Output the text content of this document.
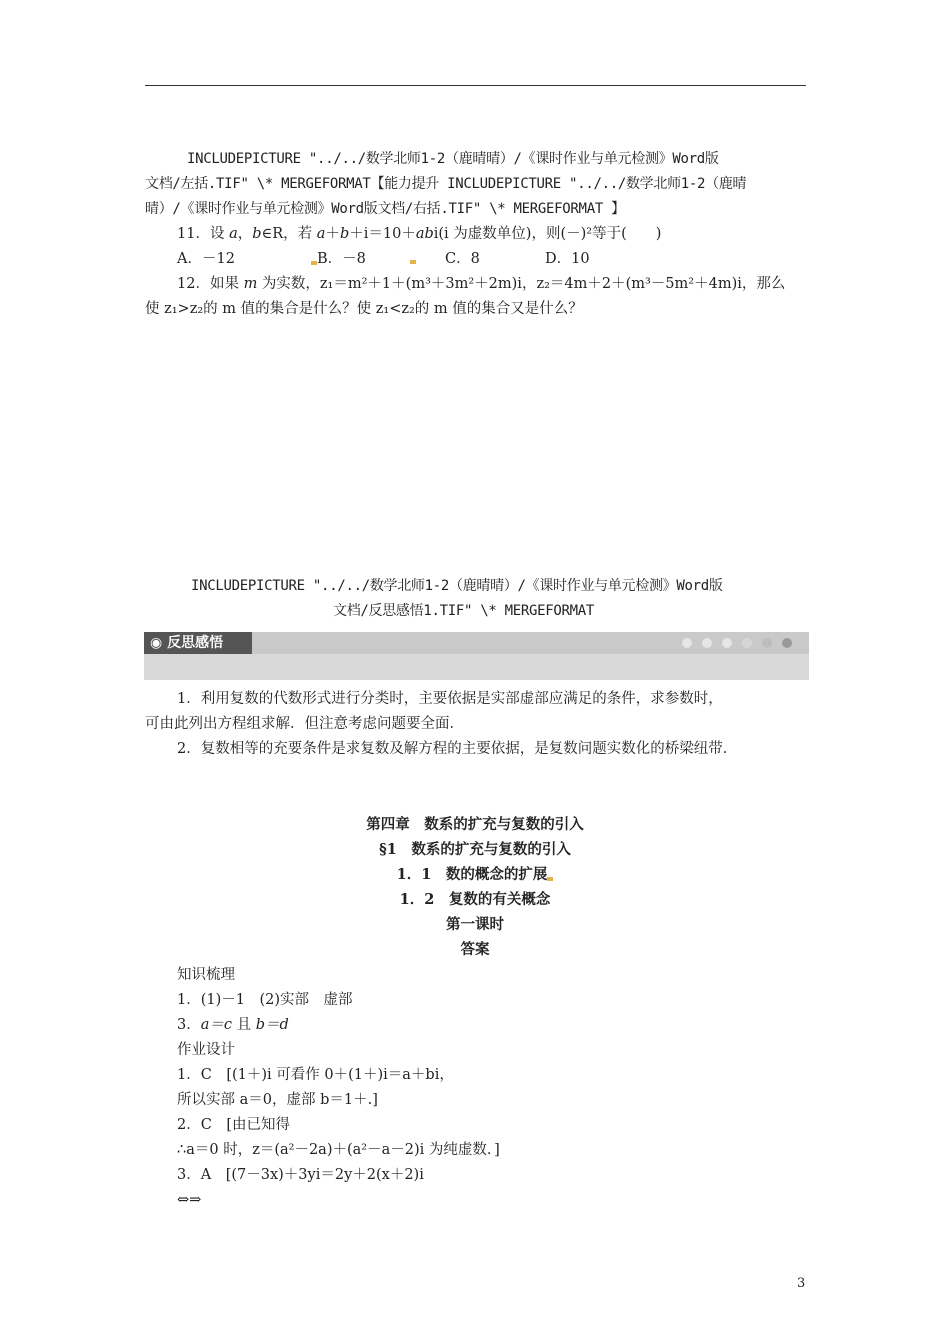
INCLUDEPICTURE "../../数学北师1-2（鹿晴晴）/《课时作业与单元检测》Word版
文档/左括.TIF" \* MERGEFORMAT【能力提升 INCLUDEPICTURE "../../数学北师1-2（鹿晴
晴）/《课时作业与单元检测》Word版文档/右括.TIF" \* MERGEFORMAT 】
11．设 a，b∈R，若 a＋b＋i＝10＋abi(i 为虚数单位)，则(－)²等于(　　)
A．－12	B．－8	C．8	D．10
12．如果 m 为实数，z₁＝m²＋1＋(m³＋3m²＋2m)i，z₂＝4m＋2＋(m³－5m²＋4m)i，那么
使 z₁>z₂的 m 值的集合是什么？使 z₁<z₂的 m 值的集合又是什么？
INCLUDEPICTURE "../../数学北师1-2（鹿晴晴）/《课时作业与单元检测》Word版
文档/反思感悟1.TIF" \* MERGEFORMAT
◉ 反思感悟
1．利用复数的代数形式进行分类时，主要依据是实部虚部应满足的条件，求参数时，
可由此列出方程组求解．但注意考虑问题要全面．
2．复数相等的充要条件是求复数及解方程的主要依据，是复数问题实数化的桥梁纽带．
第四章　数系的扩充与复数的引入
§1　数系的扩充与复数的引入
1．1　数的概念的扩展
1．2　复数的有关概念
第一课时
答案
知识梳理
1．(1)－1　(2)实部　虚部
3．a＝c 且 b＝d
作业设计
1．C　[(1＋)i 可看作 0＋(1＋)i＝a＋bi，
所以实部 a＝0，虚部 b＝1＋.]
2．C　[由已知得
∴a＝0 时，z＝(a²－2a)＋(a²－a－2)i 为纯虚数．]
3．A　[(7－3x)＋3yi＝2y＋2(x＋2)i
⇔⇒
3
